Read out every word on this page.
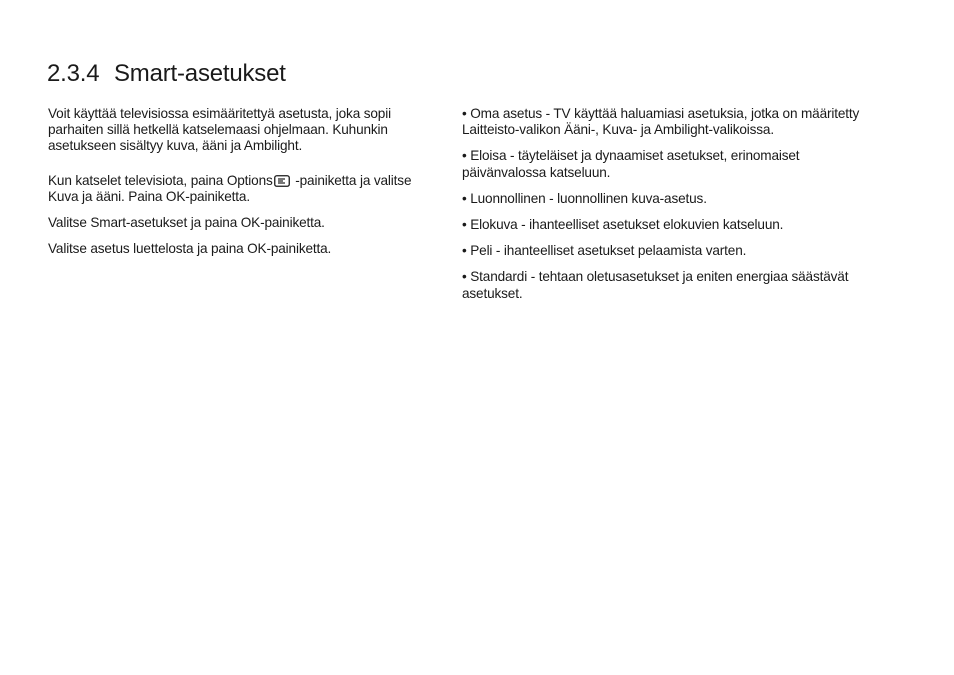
2.3.4 Smart-asetukset

Voit käyttää televisiossa esimääritettyä asetusta, joka sopii parhaiten sillä hetkellä katselemaasi ohjelmaan. Kuhunkin asetukseen sisältyy kuva, ääni ja Ambilight.

Kun katselet televisiota, paina Options
-painiketta ja valitse Kuva ja ääni. Paina OK-painiketta.

Valitse Smart-asetukset ja paina OK-painiketta.

Valitse asetus luettelosta ja paina OK-painiketta.

• Oma asetus - TV käyttää haluamiasi asetuksia, jotka on määritetty Laitteisto-valikon Ääni-, Kuva- ja Ambilight-valikoissa.

• Eloisa - täyteläiset ja dynaamiset asetukset, erinomaiset päivänvalossa katseluun.

• Luonnollinen - luonnollinen kuva-asetus.

• Elokuva - ihanteelliset asetukset elokuvien katseluun.

• Peli - ihanteelliset asetukset pelaamista varten.

• Standardi - tehtaan oletusasetukset ja eniten energiaa säästävät asetukset.
